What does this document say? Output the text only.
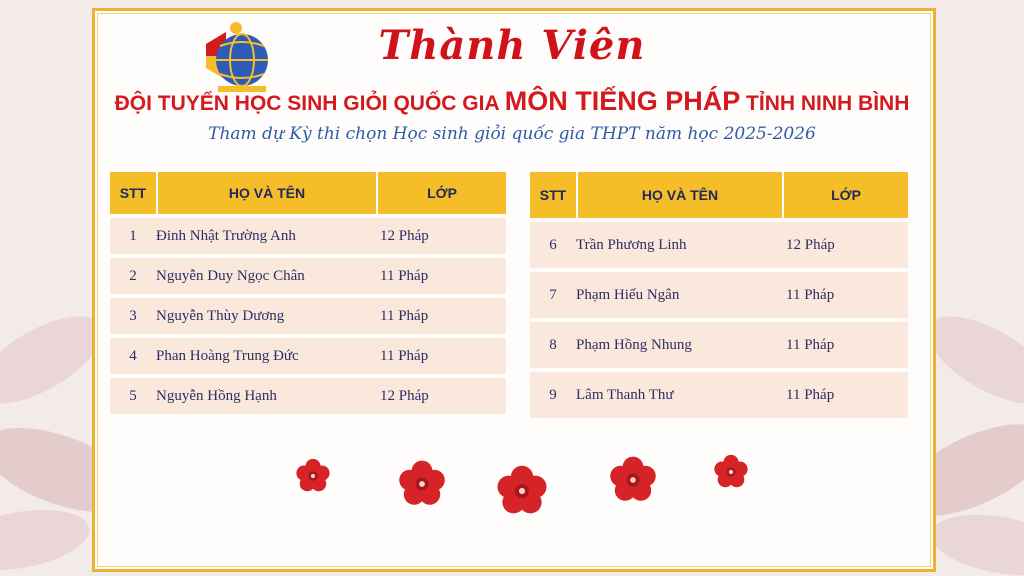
Thành Viên
ĐỘI TUYỂN HỌC SINH GIỎI QUỐC GIA MÔN TIẾNG PHÁP TỈNH NINH BÌNH
Tham dự Kỳ thi chọn Học sinh giỏi quốc gia THPT năm học 2025-2026
STT	HỌ VÀ TÊN	LỚP
1	Đinh Nhật Trường Anh	12 Pháp
2	Nguyễn Duy Ngọc Chân	11 Pháp
3	Nguyễn Thùy Dương	11 Pháp
4	Phan Hoàng Trung Đức	11 Pháp
5	Nguyễn Hồng Hạnh	12 Pháp
STT	HỌ VÀ TÊN	LỚP
6	Trần Phương Linh	12 Pháp
7	Phạm Hiếu Ngân	11 Pháp
8	Phạm Hồng Nhung	11 Pháp
9	Lâm Thanh Thư	11 Pháp
